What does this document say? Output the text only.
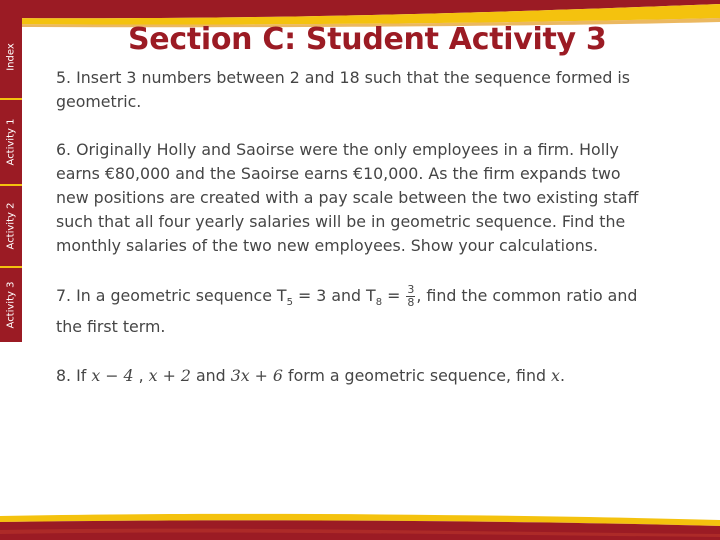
Index
Activity 1
Activity 2
Activity 3
Section C: Student Activity 3
5. Insert 3 numbers between 2 and 18 such that the sequence formed is
geometric.
6. Originally Holly and Saoirse were the only employees in a firm. Holly
earns €80,000 and the Saoirse earns €10,000. As the firm expands two
new positions are created with a pay scale between the two existing staff
such that all four yearly salaries will be in geometric sequence. Find the
monthly salaries of the two new employees. Show your calculations.
7. In a geometric sequence $T_5 = 3$ and $T_8 = \frac{3}{8}$ , find the common ratio and
the first term.
8. If x − 4 , x + 2 and 3x + 6 form a geometric sequence, find x.
